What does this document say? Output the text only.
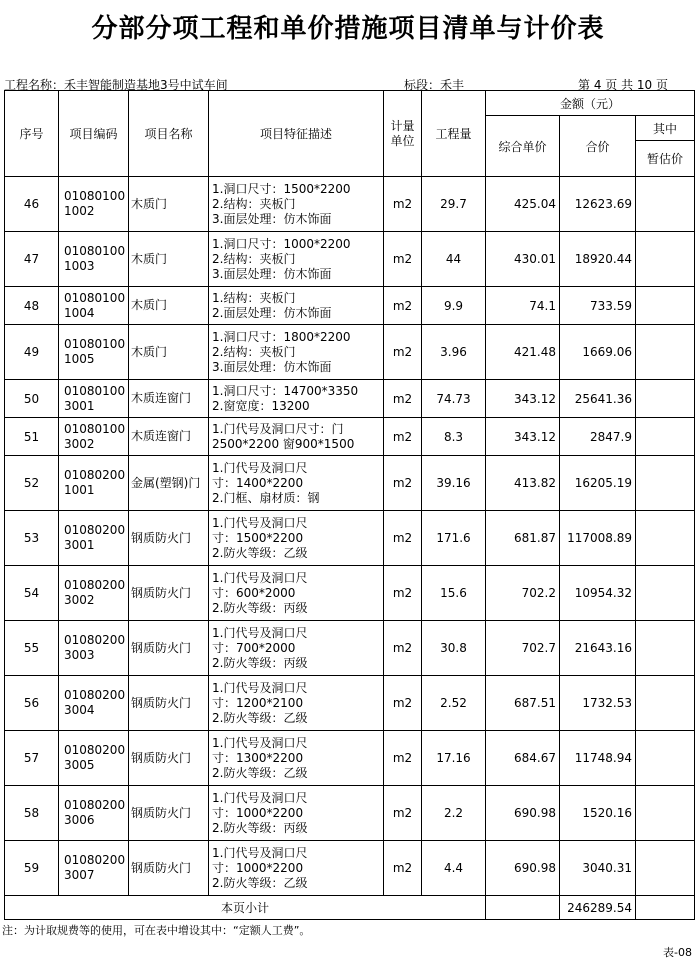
分部分项工程和单价措施项目清单与计价表
工程名称：禾丰智能制造基地3号中试车间	标段：禾丰	第 4 页 共 10 页
序号	项目编码	项目名称	项目特征描述	计量单位	工程量	金额（元）		
						综合单价	合价	其中
								暂估价
46	010801001002	木质门	1.洞口尺寸：1500*2200
2.结构：夹板门
3.面层处理：仿木饰面	m2	29.7	425.04	12623.69	
47	010801001003	木质门	1.洞口尺寸：1000*2200
2.结构：夹板门
3.面层处理：仿木饰面	m2	44	430.01	18920.44	
48	010801001004	木质门	1.结构：夹板门
2.面层处理：仿木饰面	m2	9.9	74.1	733.59	
49	010801001005	木质门	1.洞口尺寸：1800*2200
2.结构：夹板门
3.面层处理：仿木饰面	m2	3.96	421.48	1669.06	
50	010801003001	木质连窗门	1.洞口尺寸：14700*3350
2.窗宽度：13200	m2	74.73	343.12	25641.36	
51	010801003002	木质连窗门	1.门代号及洞口尺寸：门
2500*2200 窗900*1500	m2	8.3	343.12	2847.9	
52	010802001001	金属(塑钢)门	1.门代号及洞口尺
寸：1400*2200
2.门框、扇材质：钢	m2	39.16	413.82	16205.19	
53	010802003001	钢质防火门	1.门代号及洞口尺
寸：1500*2200
2.防火等级：乙级	m2	171.6	681.87	117008.89	
54	010802003002	钢质防火门	1.门代号及洞口尺
寸：600*2000
2.防火等级：丙级	m2	15.6	702.2	10954.32	
55	010802003003	钢质防火门	1.门代号及洞口尺
寸：700*2000
2.防火等级：丙级	m2	30.8	702.7	21643.16	
56	010802003004	钢质防火门	1.门代号及洞口尺
寸：1200*2100
2.防火等级：乙级	m2	2.52	687.51	1732.53	
57	010802003005	钢质防火门	1.门代号及洞口尺
寸：1300*2200
2.防火等级：乙级	m2	17.16	684.67	11748.94	
58	010802003006	钢质防火门	1.门代号及洞口尺
寸：1000*2200
2.防火等级：丙级	m2	2.2	690.98	1520.16	
59	010802003007	钢质防火门	1.门代号及洞口尺
寸：1000*2200
2.防火等级：乙级	m2	4.4	690.98	3040.31	
本页小计							246289.54	
注：为计取规费等的使用，可在表中增设其中：“定额人工费”。
表-08
